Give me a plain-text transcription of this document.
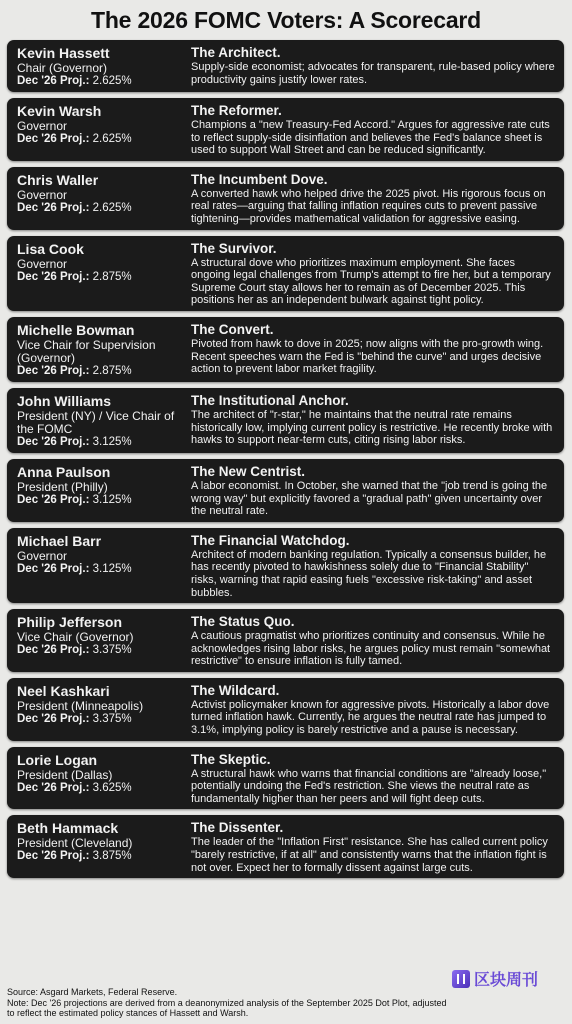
The 2026 FOMC Voters: A Scorecard
Kevin Hassett
Chair (Governor)
Dec '26 Proj.: 2.625%
The Architect.
Supply-side economist; advocates for transparent, rule-based policy where productivity gains justify lower rates.
Kevin Warsh
Governor
Dec '26 Proj.: 2.625%
The Reformer.
Champions a "new Treasury-Fed Accord." Argues for aggressive rate cuts to reflect supply-side disinflation and believes the Fed's balance sheet is used to support Wall Street and can be reduced significantly.
Chris Waller
Governor
Dec '26 Proj.: 2.625%
The Incumbent Dove.
A converted hawk who helped drive the 2025 pivot. His rigorous focus on real rates—arguing that falling inflation requires cuts to prevent passive tightening—provides mathematical validation for aggressive easing.
Lisa Cook
Governor
Dec '26 Proj.: 2.875%
The Survivor.
A structural dove who prioritizes maximum employment. She faces ongoing legal challenges from Trump's attempt to fire her, but a temporary Supreme Court stay allows her to remain as of December 2025. This positions her as an independent bulwark against tight policy.
Michelle Bowman
Vice Chair for Supervision (Governor)
Dec '26 Proj.: 2.875%
The Convert.
Pivoted from hawk to dove in 2025; now aligns with the pro-growth wing. Recent speeches warn the Fed is "behind the curve" and urges decisive action to prevent labor market fragility.
John Williams
President (NY) / Vice Chair of the FOMC
Dec '26 Proj.: 3.125%
The Institutional Anchor.
The architect of "r-star," he maintains that the neutral rate remains historically low, implying current policy is restrictive. He recently broke with hawks to support near-term cuts, citing rising labor risks.
Anna Paulson
President (Philly)
Dec '26 Proj.: 3.125%
The New Centrist.
A labor economist. In October, she warned that the "job trend is going the wrong way" but explicitly favored a "gradual path" given uncertainty over the neutral rate.
Michael Barr
Governor
Dec '26 Proj.: 3.125%
The Financial Watchdog.
Architect of modern banking regulation. Typically a consensus builder, he has recently pivoted to hawkishness solely due to "Financial Stability" risks, warning that rapid easing fuels "excessive risk-taking" and asset bubbles.
Philip Jefferson
Vice Chair (Governor)
Dec '26 Proj.: 3.375%
The Status Quo.
A cautious pragmatist who prioritizes continuity and consensus. While he acknowledges rising labor risks, he argues policy must remain "somewhat restrictive" to ensure inflation is fully tamed.
Neel Kashkari
President (Minneapolis)
Dec '26 Proj.: 3.375%
The Wildcard.
Activist policymaker known for aggressive pivots. Historically a labor dove turned inflation hawk. Currently, he argues the neutral rate has jumped to 3.1%, implying policy is barely restrictive and a pause is necessary.
Lorie Logan
President (Dallas)
Dec '26 Proj.: 3.625%
The Skeptic.
A structural hawk who warns that financial conditions are "already loose," potentially undoing the Fed's restriction. She views the neutral rate as fundamentally higher than her peers and will fight deep cuts.
Beth Hammack
President (Cleveland)
Dec '26 Proj.: 3.875%
The Dissenter.
The leader of the "Inflation First" resistance. She has called current policy "barely restrictive, if at all" and consistently warns that the inflation fight is not over. Expect her to formally dissent against large cuts.
Source: Asgard Markets, Federal Reserve.
Note: Dec '26 projections are derived from a deanonymized analysis of the September 2025 Dot Plot, adjusted to reflect the estimated policy stances of Hassett and Warsh.
区块周刊
